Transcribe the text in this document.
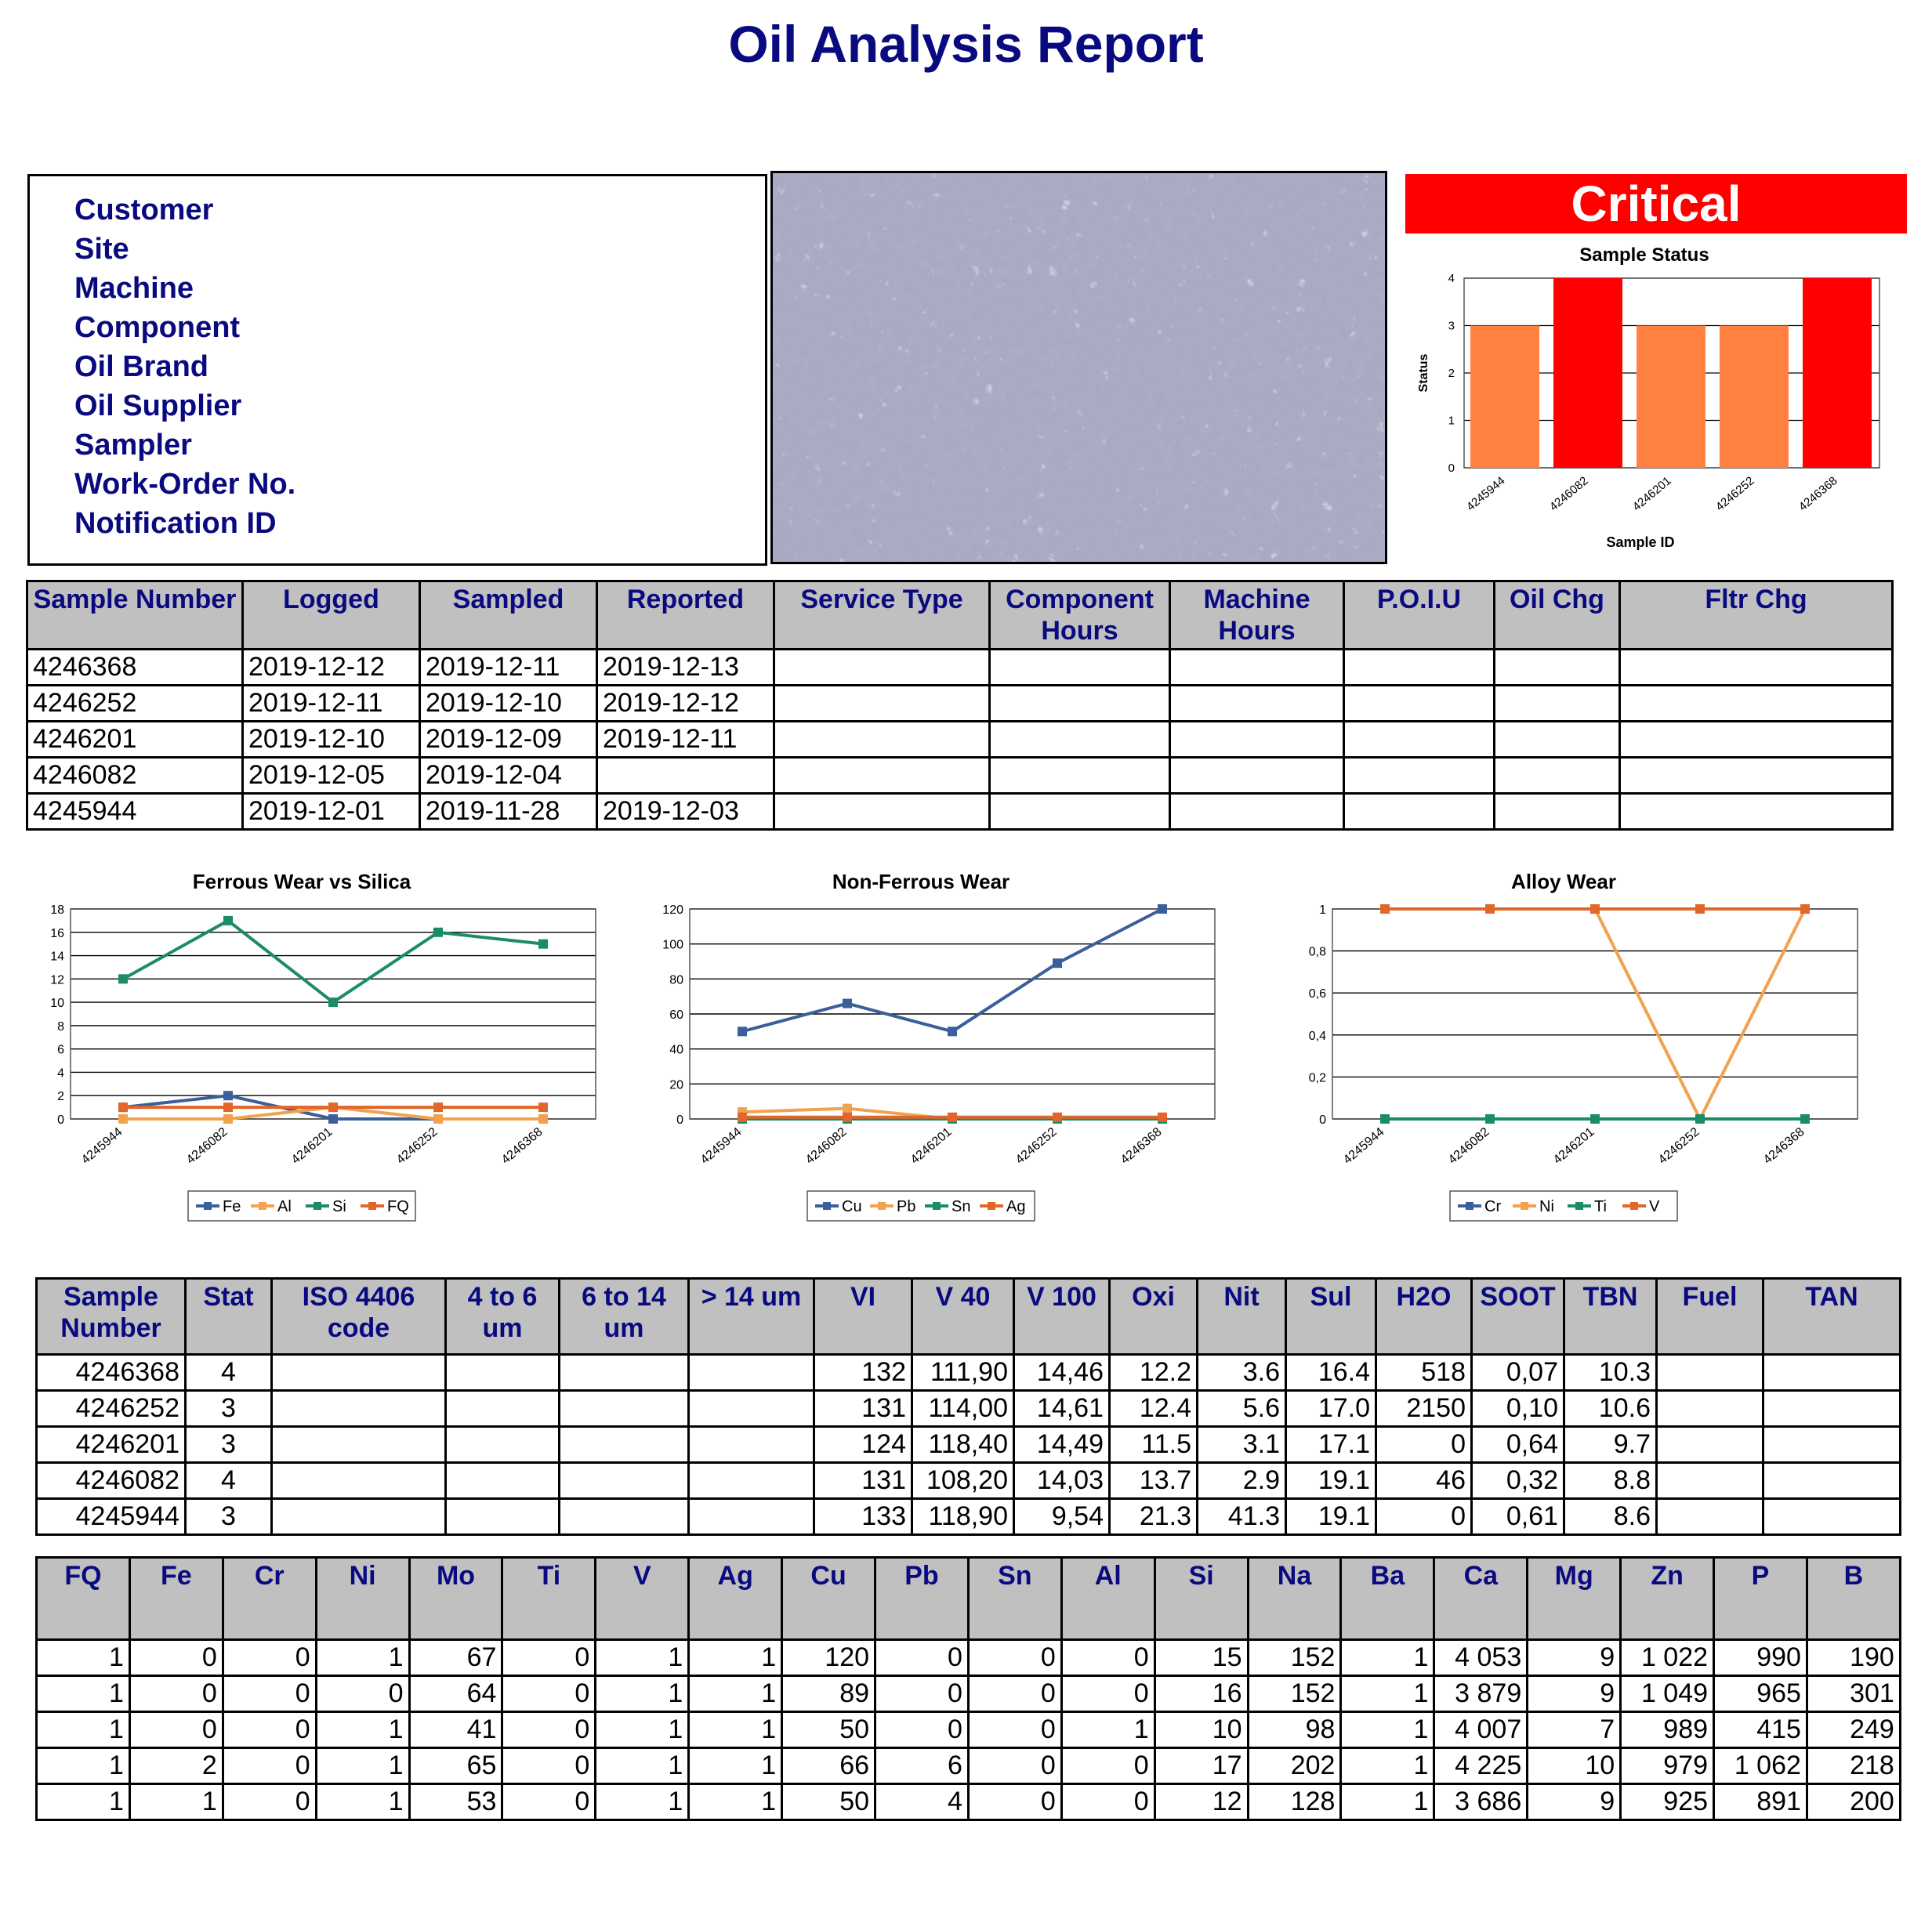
Oil Analysis Report
Customer
Site
Machine
Component
Oil Brand
Oil Supplier
Sampler
Work-Order No.
Notification ID
Critical
Sample Status
0
1
2
3
4
4245944	4246082	4246201	4246252	4246368
Sample ID
Status
Sample Number	Logged	Sampled	Reported	Service Type	Component Hours	Machine Hours	P.O.I.U	Oil Chg	Fltr Chg
4246368	2019-12-12	2019-12-11	2019-12-13						
4246252	2019-12-11	2019-12-10	2019-12-12						
4246201	2019-12-10	2019-12-09	2019-12-11						
4246082	2019-12-05	2019-12-04							
4245944	2019-12-01	2019-11-28	2019-12-03						
Ferrous Wear vs Silica
0
2
4
6
8
10
12
14
16
18
4245944	4246082	4246201	4246252	4246368
Fe Al	Si	FQ
Non-Ferrous Wear
0
20
40
60
80
100
120
4245944	4246082	4246201	4246252	4246368
Cu Pb Sn Ag
Alloy Wear
0
0,2
0,4
0,6
0,8
1
4245944	4246082	4246201	4246252	4246368
Cr Ni	Ti	V
Sample Number	Stat	ISO 4406 code	4 to 6 um	6 to 14 um	> 14 um	VI	V 40	V 100	Oxi	Nit	Sul	H2O	SOOT	TBN	Fuel	TAN
4246368	4					132	111,90	14,46	12.2	3.6	16.4	518	0,07	10.3		
4246252	3					131	114,00	14,61	12.4	5.6	17.0	2150	0,10	10.6		
4246201	3					124	118,40	14,49	11.5	3.1	17.1	0	0,64	9.7		
4246082	4					131	108,20	14,03	13.7	2.9	19.1	46	0,32	8.8		
4245944	3					133	118,90	9,54	21.3	41.3	19.1	0	0,61	8.6		
FQ	Fe	Cr	Ni	Mo	Ti	V	Ag	Cu	Pb	Sn	Al	Si	Na	Ba	Ca	Mg	Zn	P	B
1	0	0	1	67	0	1	1	120	0	0	0	15	152	1	4 053	9	1 022	990	190
1	0	0	0	64	0	1	1	89	0	0	0	16	152	1	3 879	9	1 049	965	301
1	0	0	1	41	0	1	1	50	0	0	1	10	98	1	4 007	7	989	415	249
1	2	0	1	65	0	1	1	66	6	0	0	17	202	1	4 225	10	979	1 062	218
1	1	0	1	53	0	1	1	50	4	0	0	12	128	1	3 686	9	925	891	200
